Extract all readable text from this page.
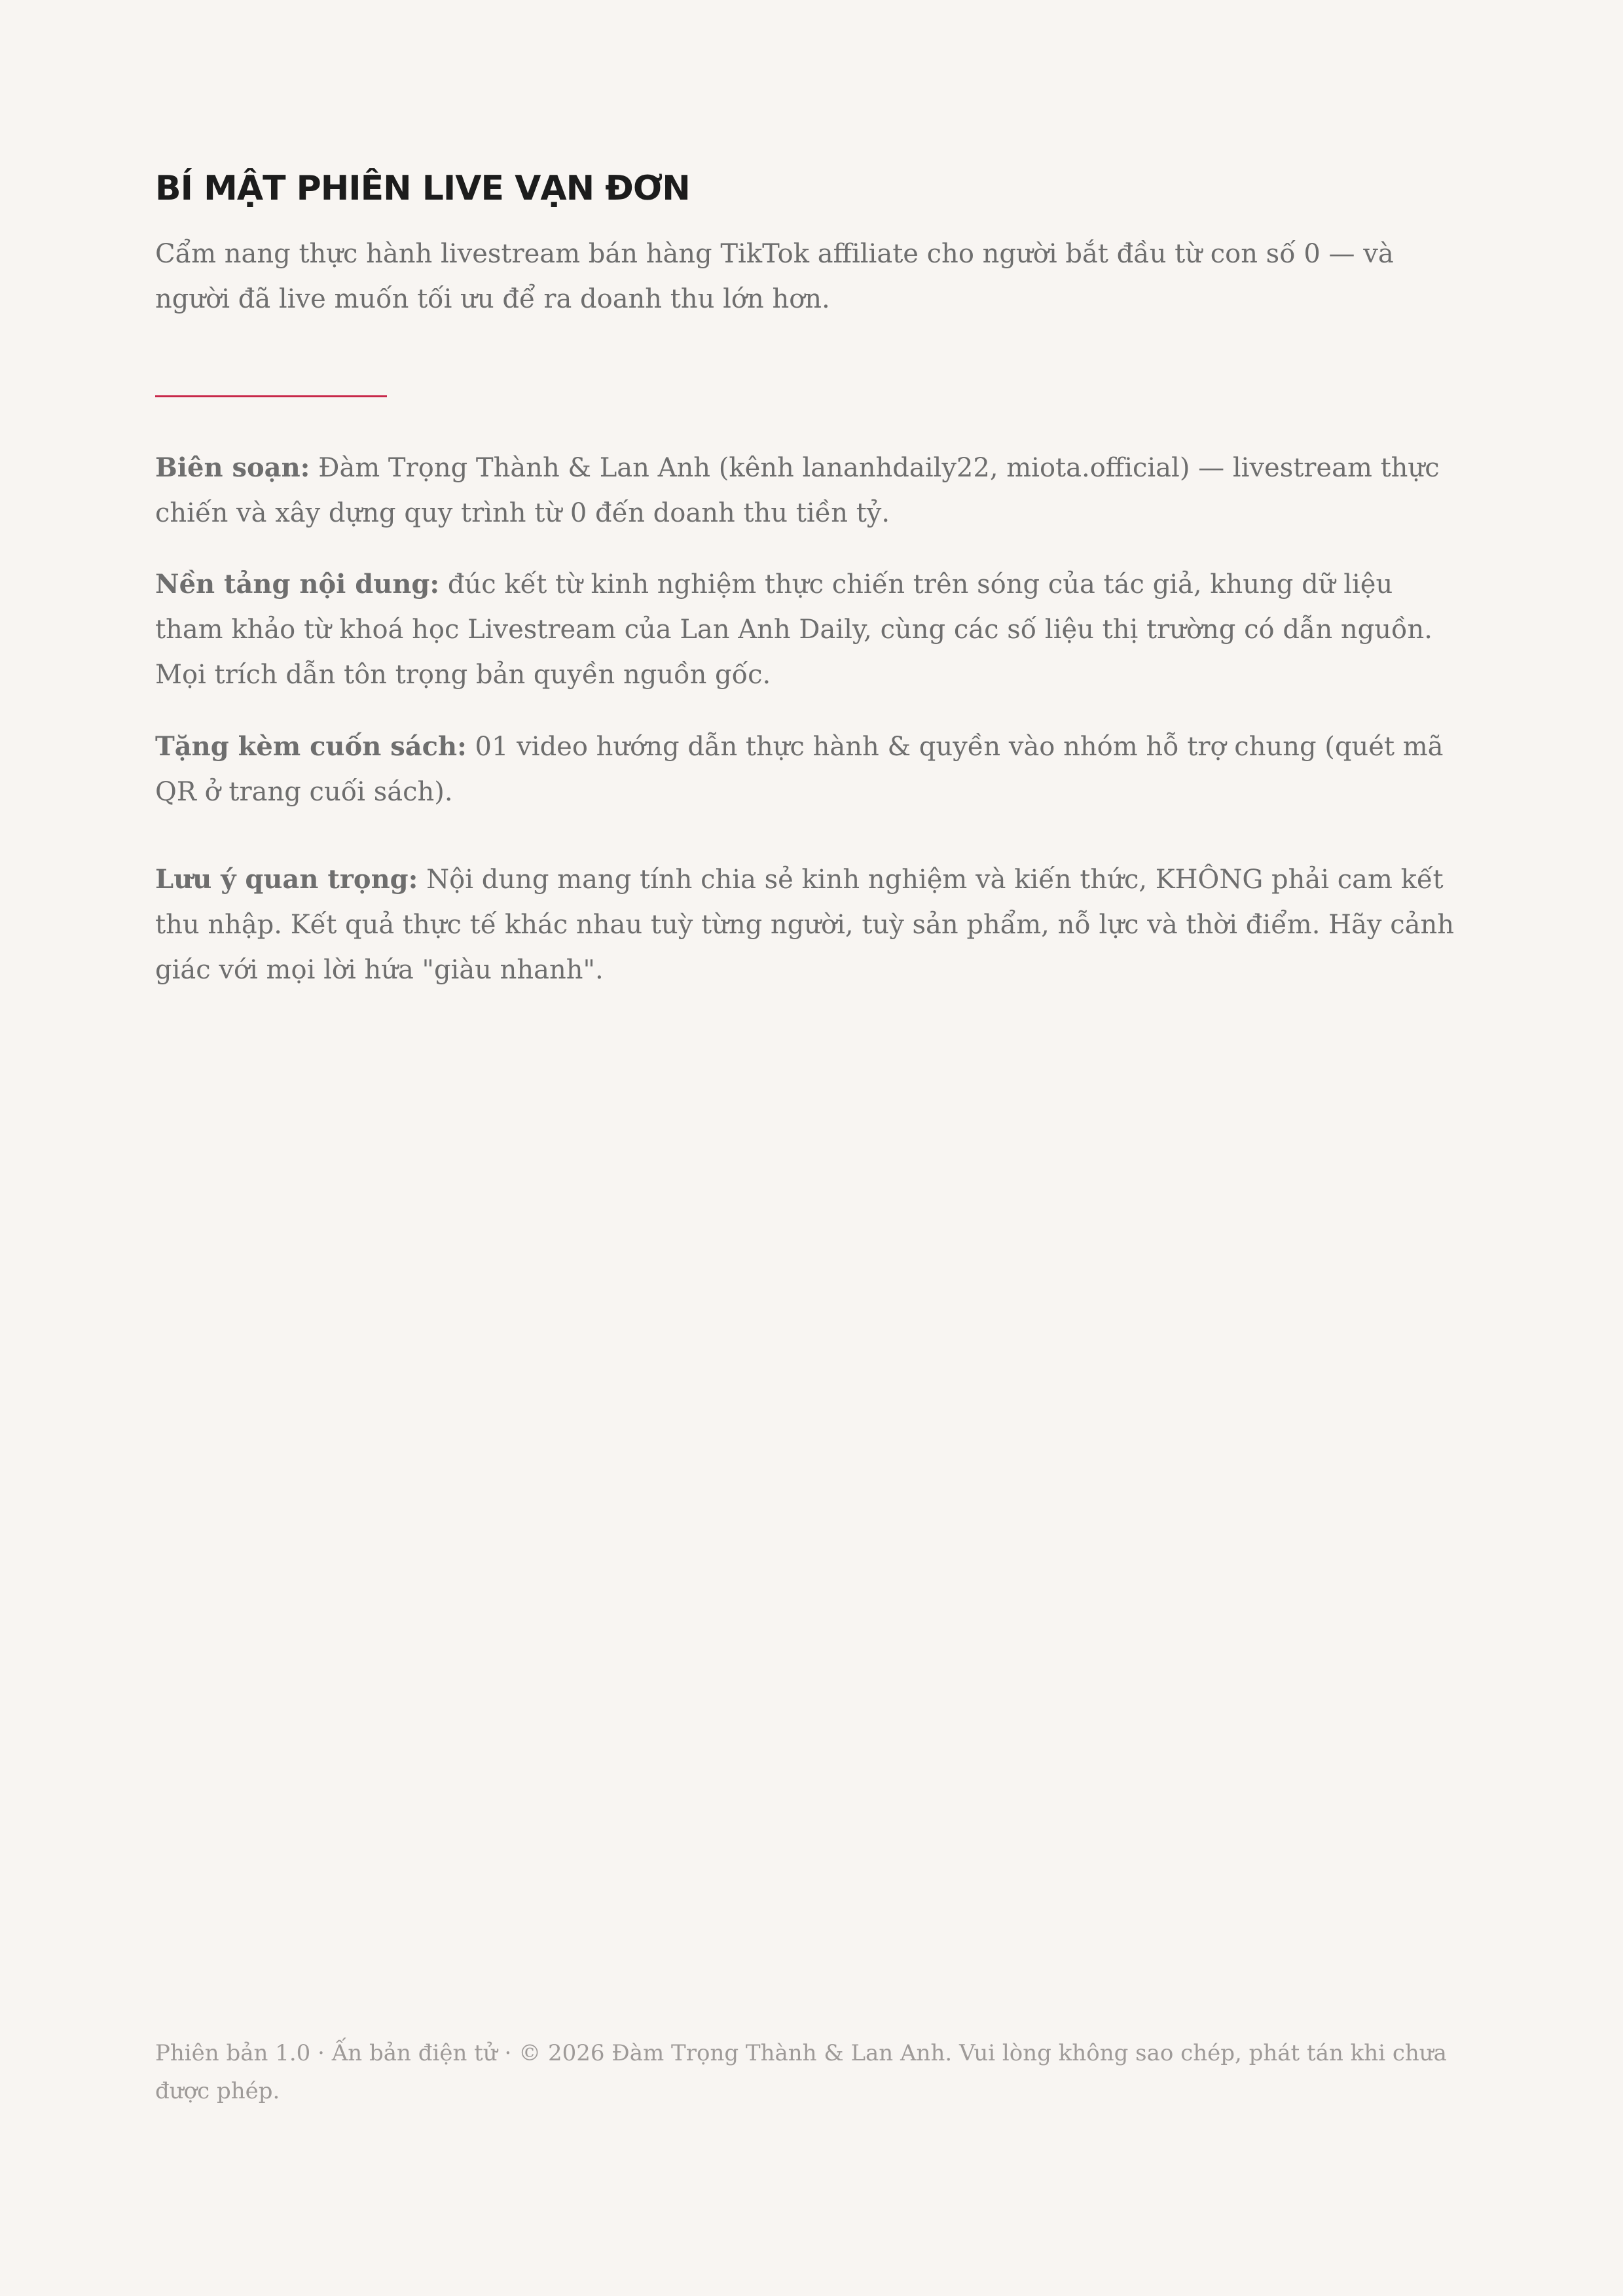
BÍ MẬT PHIÊN LIVE VẠN ĐƠN

Cẩm nang thực hành livestream bán hàng TikTok affiliate cho người bắt đầu từ con số 0 — và người đã live muốn tối ưu để ra doanh thu lớn hơn.

Biên soạn: Đàm Trọng Thành & Lan Anh (kênh lananhdaily22, miota.official) — livestream thực chiến và xây dựng quy trình từ 0 đến doanh thu tiền tỷ.

Nền tảng nội dung: đúc kết từ kinh nghiệm thực chiến trên sóng của tác giả, khung dữ liệu tham khảo từ khoá học Livestream của Lan Anh Daily, cùng các số liệu thị trường có dẫn nguồn. Mọi trích dẫn tôn trọng bản quyền nguồn gốc.

Tặng kèm cuốn sách: 01 video hướng dẫn thực hành & quyền vào nhóm hỗ trợ chung (quét mã QR ở trang cuối sách).

Lưu ý quan trọng: Nội dung mang tính chia sẻ kinh nghiệm và kiến thức, KHÔNG phải cam kết thu nhập. Kết quả thực tế khác nhau tuỳ từng người, tuỳ sản phẩm, nỗ lực và thời điểm. Hãy cảnh giác với mọi lời hứa "giàu nhanh".

Phiên bản 1.0 · Ấn bản điện tử · © 2026 Đàm Trọng Thành & Lan Anh. Vui lòng không sao chép, phát tán khi chưa được phép.
